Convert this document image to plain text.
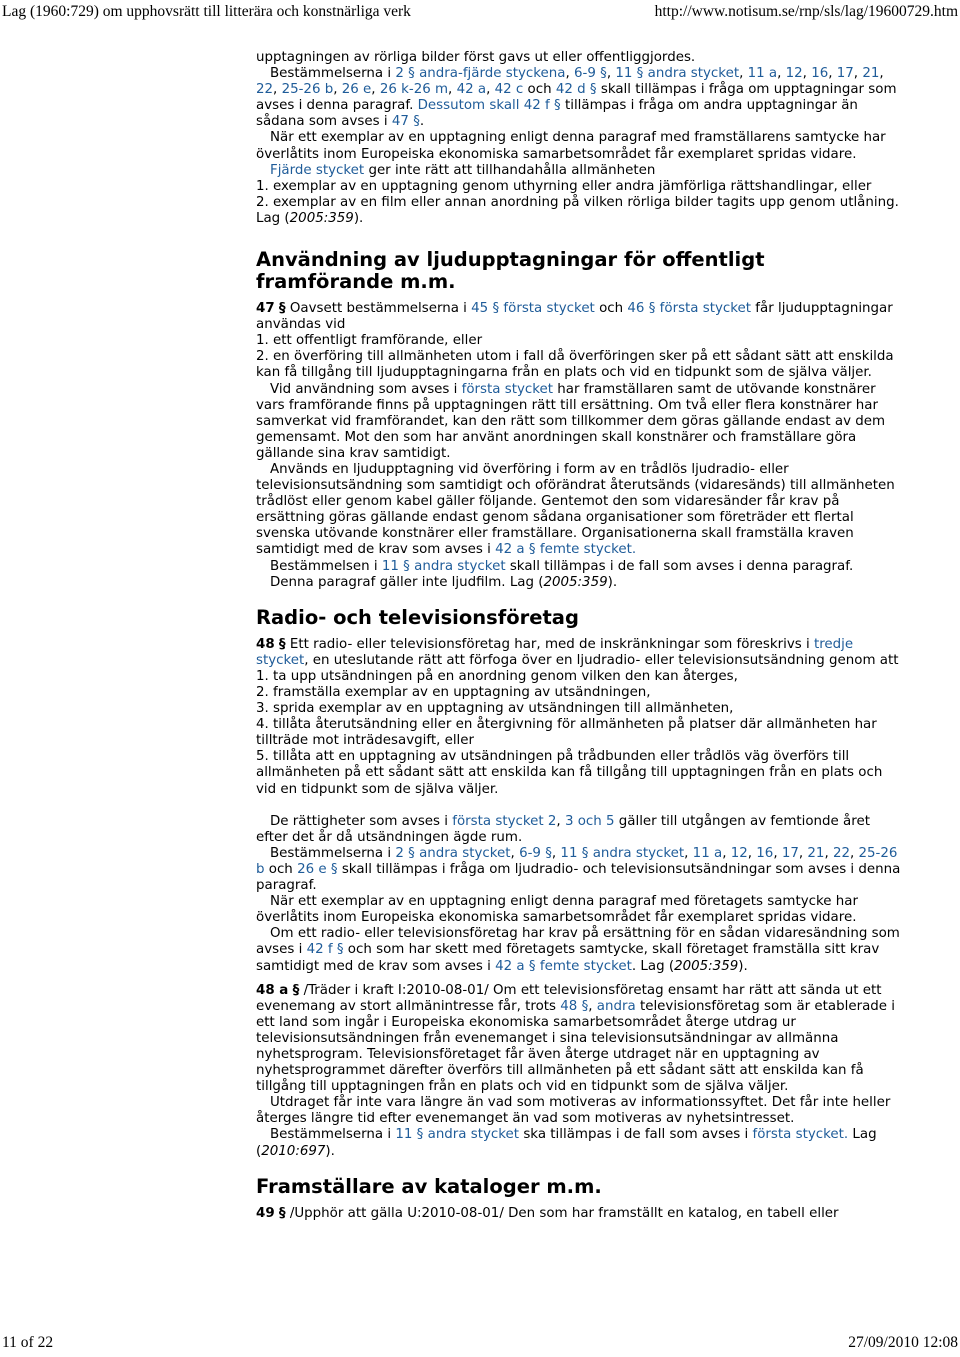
Lag (1960:729) om upphovsrätt till litterära och konstnärliga verk	http://www.notisum.se/rnp/sls/lag/19600729.htm

upptagningen av rörliga bilder först gavs ut eller offentliggjordes.

Bestämmelserna i 2 § andra-fjärde styckena, 6-9 §, 11 § andra stycket, 11 a, 12, 16, 17, 21, 22, 25-26 b, 26 e, 26 k-26 m, 42 a, 42 c och 42 d § skall tillämpas i fråga om upptagningar som avses i denna paragraf. Dessutom skall 42 f § tillämpas i fråga om andra upptagningar än sådana som avses i 47 §.

När ett exemplar av en upptagning enligt denna paragraf med framställarens samtycke har överlåtits inom Europeiska ekonomiska samarbetsområdet får exemplaret spridas vidare.

Fjärde stycket ger inte rätt att tillhandahålla allmänheten

1. exemplar av en upptagning genom uthyrning eller andra jämförliga rättshandlingar, eller

2. exemplar av en film eller annan anordning på vilken rörliga bilder tagits upp genom utlåning. Lag (2005:359).

Användning av ljudupptagningar för offentligt framförande m.m.

47 § Oavsett bestämmelserna i 45 § första stycket och 46 § första stycket får ljudupptagningar användas vid

1. ett offentligt framförande, eller

2. en överföring till allmänheten utom i fall då överföringen sker på ett sådant sätt att enskilda kan få tillgång till ljudupptagningarna från en plats och vid en tidpunkt som de själva väljer.

Vid användning som avses i första stycket har framställaren samt de utövande konstnärer vars framförande finns på upptagningen rätt till ersättning. Om två eller flera konstnärer har samverkat vid framförandet, kan den rätt som tillkommer dem göras gällande endast av dem gemensamt. Mot den som har använt anordningen skall konstnärer och framställare göra gällande sina krav samtidigt.

Används en ljudupptagning vid överföring i form av en trådlös ljudradio- eller televisionsutsändning som samtidigt och oförändrat återutsänds (vidaresänds) till allmänheten trådlöst eller genom kabel gäller följande. Gentemot den som vidaresänder får krav på ersättning göras gällande endast genom sådana organisationer som företräder ett flertal svenska utövande konstnärer eller framställare. Organisationerna skall framställa kraven samtidigt med de krav som avses i 42 a § femte stycket.

Bestämmelsen i 11 § andra stycket skall tillämpas i de fall som avses i denna paragraf.

Denna paragraf gäller inte ljudfilm. Lag (2005:359).

Radio- och televisionsföretag

48 § Ett radio- eller televisionsföretag har, med de inskränkningar som föreskrivs i tredje stycket, en uteslutande rätt att förfoga över en ljudradio- eller televisionsutsändning genom att

1. ta upp utsändningen på en anordning genom vilken den kan återges,

2. framställa exemplar av en upptagning av utsändningen,

3. sprida exemplar av en upptagning av utsändningen till allmänheten,

4. tillåta återutsändning eller en återgivning för allmänheten på platser där allmänheten har tillträde mot inträdesavgift, eller

5. tillåta att en upptagning av utsändningen på trådbunden eller trådlös väg överförs till allmänheten på ett sådant sätt att enskilda kan få tillgång till upptagningen från en plats och vid en tidpunkt som de själva väljer.

De rättigheter som avses i första stycket 2, 3 och 5 gäller till utgången av femtionde året efter det år då utsändningen ägde rum.

Bestämmelserna i 2 § andra stycket, 6-9 §, 11 § andra stycket, 11 a, 12, 16, 17, 21, 22, 25-26 b och 26 e § skall tillämpas i fråga om ljudradio- och televisionsutsändningar som avses i denna paragraf.

När ett exemplar av en upptagning enligt denna paragraf med företagets samtycke har överlåtits inom Europeiska ekonomiska samarbetsområdet får exemplaret spridas vidare.

Om ett radio- eller televisionsföretag har krav på ersättning för en sådan vidaresändning som avses i 42 f § och som har skett med företagets samtycke, skall företaget framställa sitt krav samtidigt med de krav som avses i 42 a § femte stycket. Lag (2005:359).

48 a § /Träder i kraft I:2010-08-01/ Om ett televisionsföretag ensamt har rätt att sända ut ett evenemang av stort allmänintresse får, trots 48 §, andra televisionsföretag som är etablerade i ett land som ingår i Europeiska ekonomiska samarbetsområdet återge utdrag ur televisionsutsändningen från evenemanget i sina televisionsutsändningar av allmänna nyhetsprogram. Televisionsföretaget får även återge utdraget när en upptagning av nyhetsprogrammet därefter överförs till allmänheten på ett sådant sätt att enskilda kan få tillgång till upptagningen från en plats och vid en tidpunkt som de själva väljer.

Utdraget får inte vara längre än vad som motiveras av informationssyftet. Det får inte heller återges längre tid efter evenemanget än vad som motiveras av nyhetsintresset.

Bestämmelserna i 11 § andra stycket ska tillämpas i de fall som avses i första stycket. Lag (2010:697).

Framställare av kataloger m.m.

49 § /Upphör att gälla U:2010-08-01/ Den som har framställt en katalog, en tabell eller

11 of 22	27/09/2010 12:08
